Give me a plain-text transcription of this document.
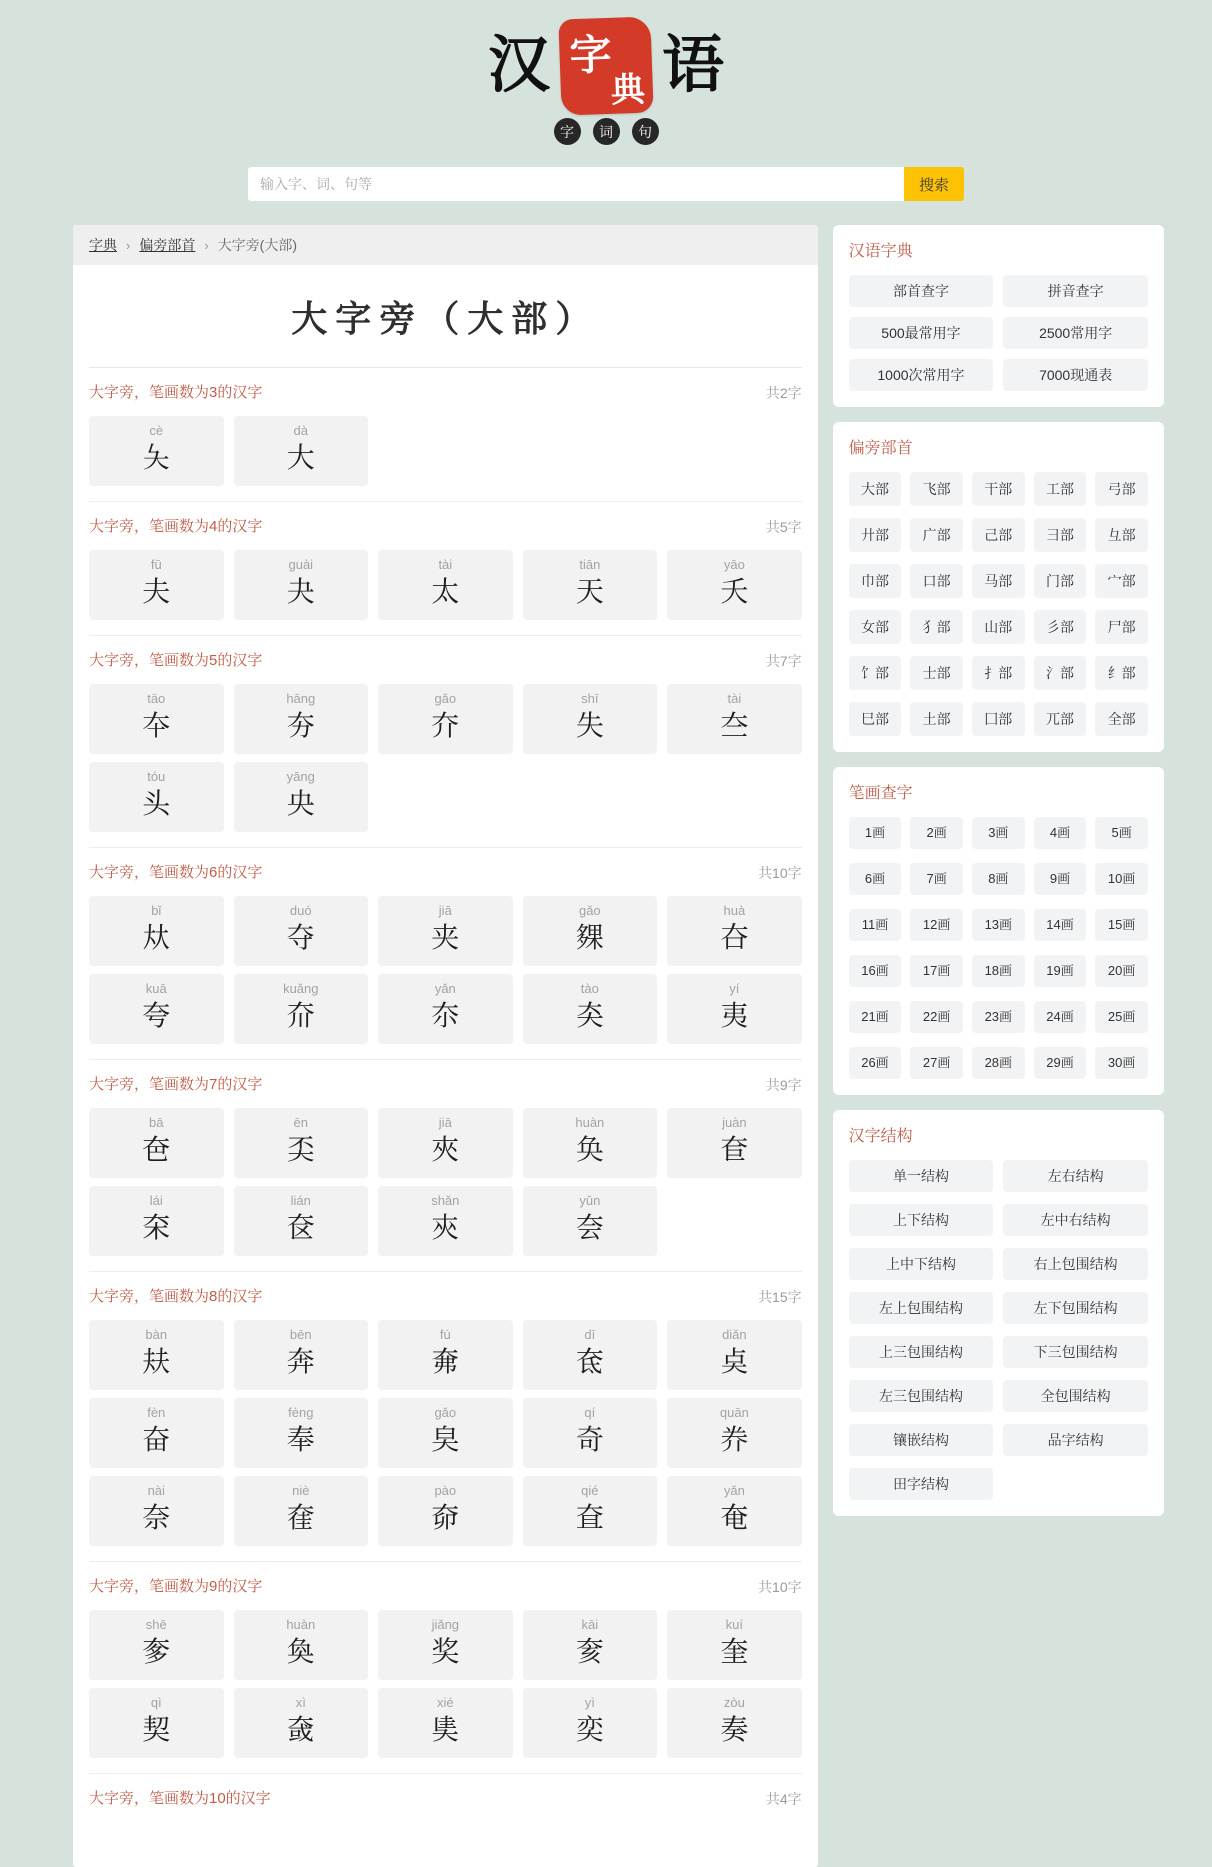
汉 字
典 语
字	词	句
输入字、词、句等
搜索
字典 › 偏旁部首 › 大字旁(大部)
大字旁（大部）
大字旁，笔画数为3的汉字	共2字
cè
夨
dà
大
大字旁，笔画数为4的汉字	共5字
fū
夫
guài
夬
tài
太
tiān
天
yāo
夭
大字旁，笔画数为5的汉字	共7字
tāo
夲
hāng
夯
gǎo
夰
shī
失
tài
夳
tóu
头
yāng
央
大字旁，笔画数为6的汉字	共10字
bǐ
夶
duó
夺
jiā
夹
gǎo
㚌
huà
夻
kuā
夸
kuǎng
夼
yǎn
夵
tào
㚐
yí
夷
大字旁，笔画数为7的汉字	共9字
bā
夿
ēn
奀
jiā
夾
huàn
奂
juàn
奆
lái
㚓
lián
奁
shǎn
㚒
yǔn
夽
大字旁，笔画数为8的汉字	共15字
bàn
㚘
bēn
奔
fú
㚕
dī
奃
diǎn
奌
fèn
奋
fèng
奉
gǎo
㚖
qí
奇
quān
奍
nài
奈
niè
㚝
pào
奅
qié
㚗
yǎn
奄
大字旁，笔画数为9的汉字	共10字
shē
奓
huàn
奐
jiǎng
奖
kāi
奒
kuí
奎
qì
契
xì
㚜
xié
奊
yì
奕
zòu
奏
大字旁，笔画数为10的汉字	共4字
汉语字典
部首查字	拼音查字
500最常用字	2500常用字
1000次常用字	7000现通表
偏旁部首
大部	飞部	干部	工部	弓部
廾部	广部	己部	彐部	彑部
巾部	口部	马部	门部	宀部
女部	犭部	山部	彡部	尸部
饣部	士部	扌部	氵部	纟部
巳部	土部	囗部	兀部	全部
笔画查字
1画	2画	3画	4画	5画
6画	7画	8画	9画	10画
11画	12画	13画	14画	15画
16画	17画	18画	19画	20画
21画	22画	23画	24画	25画
26画	27画	28画	29画	30画
汉字结构
单一结构	左右结构
上下结构	左中右结构
上中下结构	右上包围结构
左上包围结构	左下包围结构
上三包围结构	下三包围结构
左三包围结构	全包围结构
镶嵌结构	品字结构
田字结构
